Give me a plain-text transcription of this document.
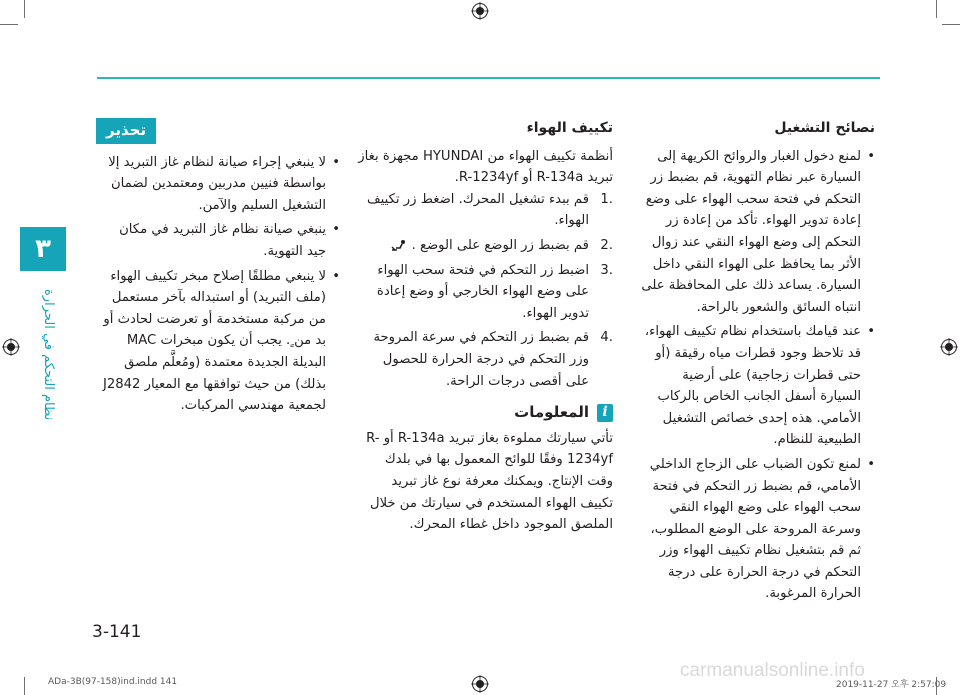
٣
نظام التحكم في الحرارة
نصائح التشغيل
• لمنع دخول الغبار والروائح الكريهة إلى السيارة عبر نظام التهوية، قم بضبط زر التحكم في فتحة سحب الهواء على وضع إعادة تدوير الهواء. تأكد من إعادة زر التحكم إلى وضع الهواء النقي عند زوال الأثر بما يحافظ على الهواء النقي داخل السيارة. يساعد ذلك على المحافظة على انتباه السائق والشعور بالراحة.
• عند قيامك باستخدام نظام تكييف الهواء، قد تلاحظ وجود قطرات مياه رقيقة (أو حتى قطرات زجاجية) على أرضية السيارة أسفل الجانب الخاص بالركاب الأمامي. هذه إحدى خصائص التشغيل الطبيعية للنظام.
• لمنع تكون الضباب على الزجاج الداخلي الأمامي، قم بضبط زر التحكم في فتحة سحب الهواء على وضع الهواء النقي وسرعة المروحة على الوضع المطلوب، ثم قم بتشغيل نظام تكييف الهواء وزر التحكم في درجة الحرارة على درجة الحرارة المرغوبة.
تكييف الهواء

أنظمة تكييف الهواء من HYUNDAI مجهزة بغاز تبريد R-134a أو R-1234yf.

.1
قم ببدء تشغيل المحرك. اضغط زر تكييف الهواء.
.2
قم بضبط زر الوضع على الوضع .
.3
اضبط زر التحكم في فتحة سحب الهواء على وضع الهواء الخارجي أو وضع إعادة تدوير الهواء.
.4
قم بضبط زر التحكم في سرعة المروحة وزر التحكم في درجة الحرارة للحصول على أقصى درجات الراحة.
i
المعلومات

تأتي سيارتك مملوءة بغاز تبريد R-134a أو R-1234yf وفقًا للوائح المعمول بها في بلدك وقت الإنتاج. ويمكنك معرفة نوع غاز تبريد تكييف الهواء المستخدم في سيارتك من خلال الملصق الموجود داخل غطاء المحرك.

تحذير
• لا ينبغي إجراء صيانة لنظام غاز التبريد إلا بواسطة فنيين مدربين ومعتمدين لضمان التشغيل السليم والآمن.
• ينبغي صيانة نظام غاز التبريد في مكان جيد التهوية.
• لا ينبغي مطلقًا إصلاح مبخر تكييف الهواء (ملف التبريد) أو استبداله بآخر مستعمل من مركبة مستخدمة أو تعرضت لحادث أو بد من ٍ. يجب أن يكون مبخرات MAC البديلة الجديدة معتمدة (ومُعلَّم ملصق بذلك) من حيث توافقها مع المعيار J2842 لجمعية مهندسي المركبات.
3-141
ADa-3B(97-158)ind.indd 141
carmanualsonline.info
2019-11-27 오후 2:57:09
